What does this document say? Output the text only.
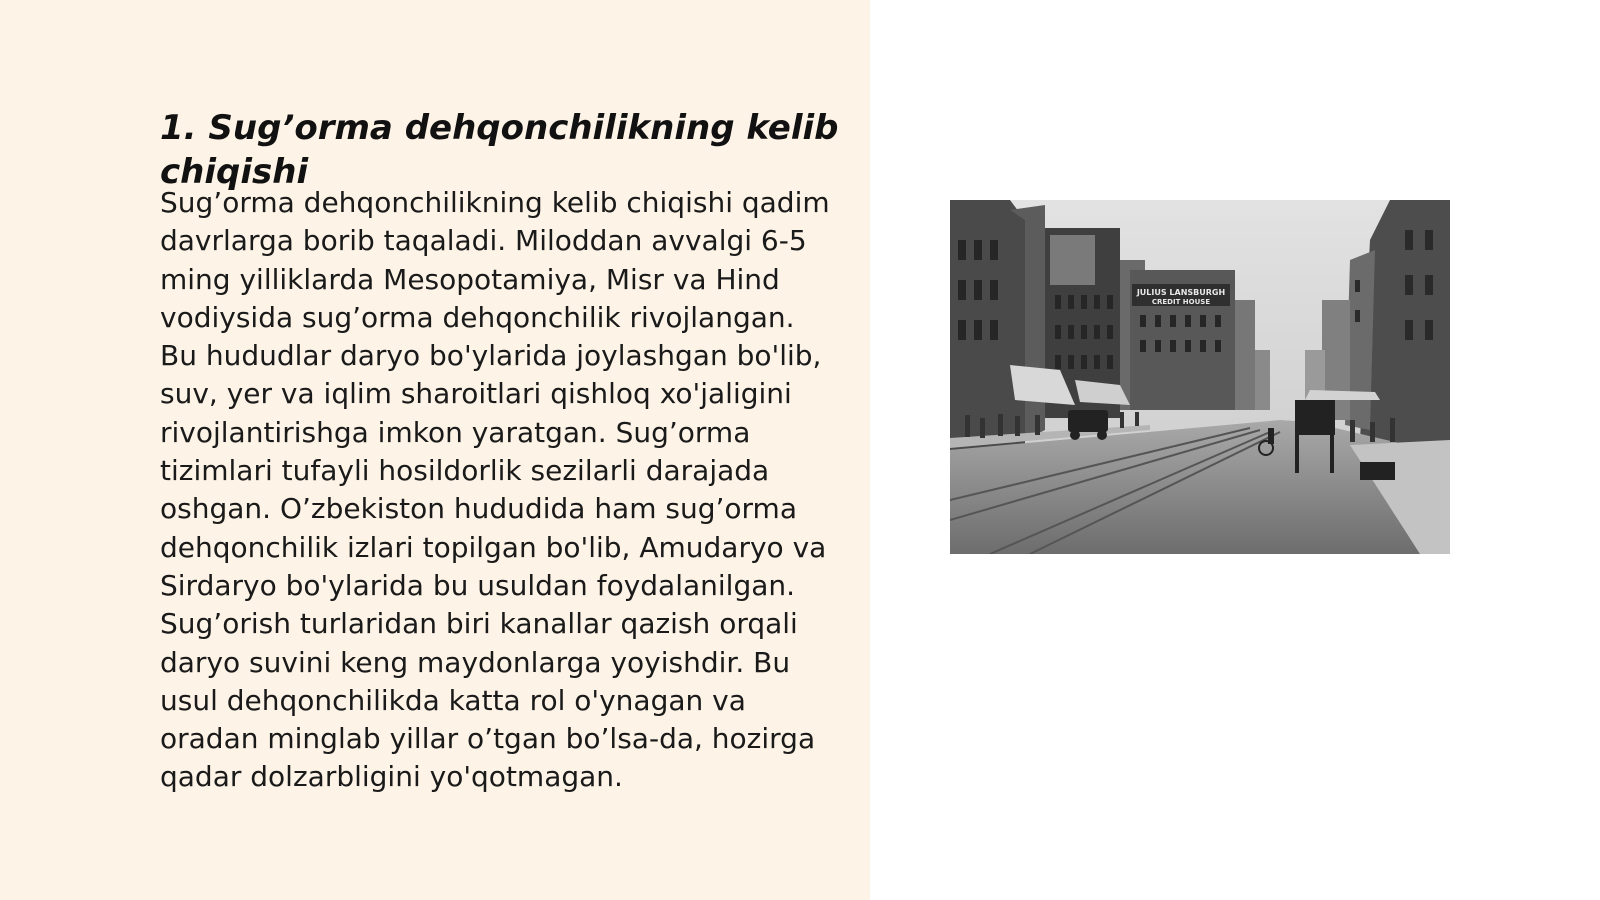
1. Sug’orma dehqonchilikning kelib chiqishi

Sug’orma dehqonchilikning kelib chiqishi qadim davrlarga borib taqaladi. Miloddan avvalgi 6-5 ming yilliklarda Mesopotamiya, Misr va Hind vodiysida sug’orma dehqonchilik rivojlangan. Bu hududlar daryo bo'ylarida joylashgan bo'lib, suv, yer va iqlim sharoitlari qishloq xo'jaligini rivojlantirishga imkon yaratgan. Sug’orma tizimlari tufayli hosildorlik sezilarli darajada oshgan. O’zbekiston hududida ham sug’orma dehqonchilik izlari topilgan bo'lib, Amudaryo va Sirdaryo bo'ylarida bu usuldan foydalanilgan. Sug’orish turlaridan biri kanallar qazish orqali daryo suvini keng maydonlarga yoyishdir. Bu usul dehqonchilikda katta rol o'ynagan va oradan minglab yillar o’tgan bo’lsa-da, hozirga qadar dolzarbligini yo'qotmagan.

JULIUS LANSBURGH
CREDIT HOUSE
